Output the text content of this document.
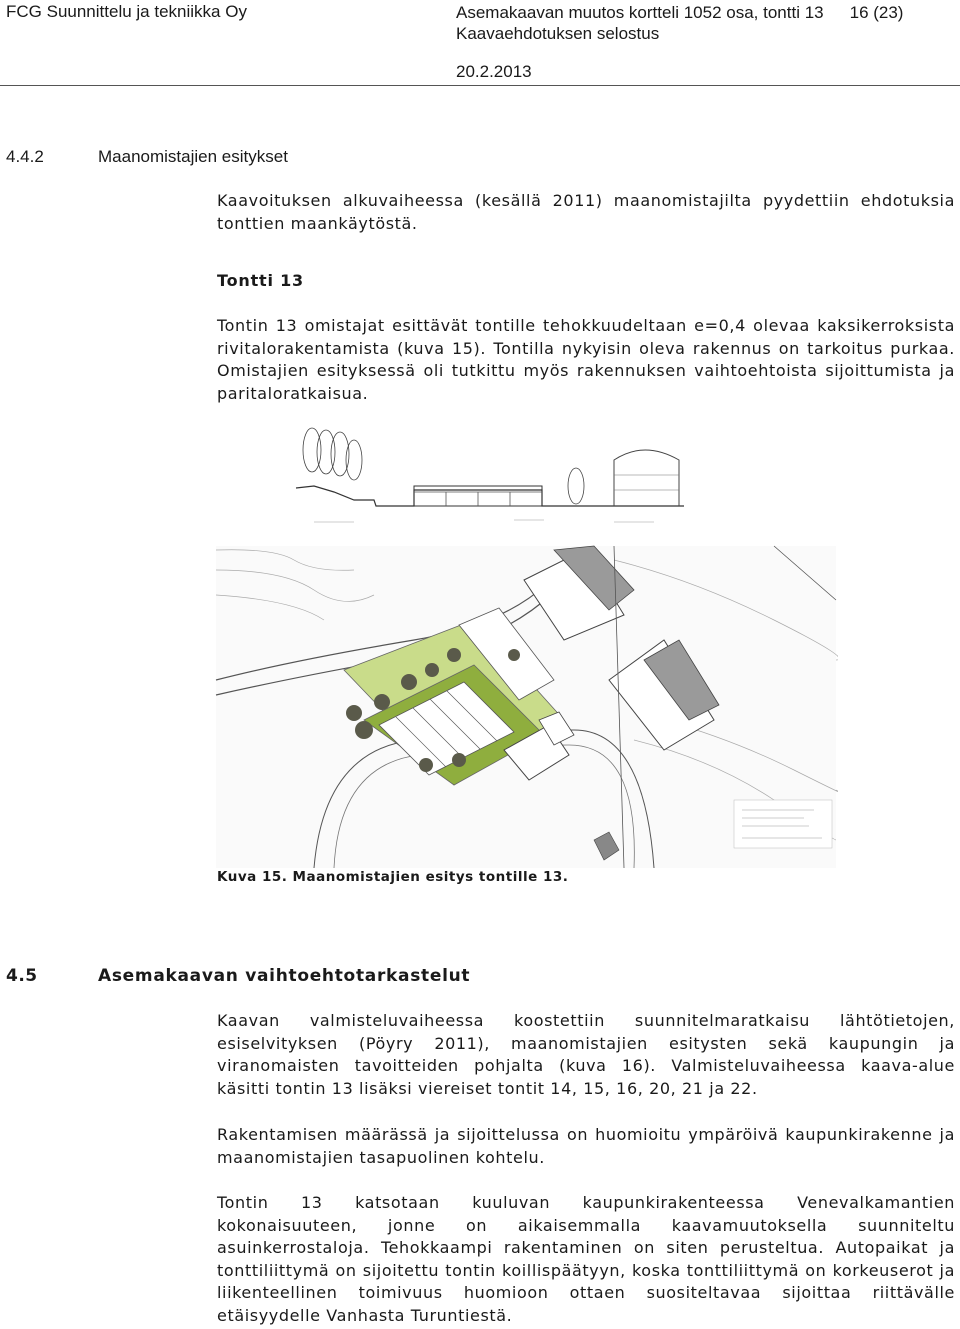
FCG Suunnittelu ja tekniikka Oy	Asemakaavan muutos kortteli 1052 osa, tontti 13 16 (23)
Kaavaehdotuksen selostus
20.2.2013
4.4.2	Maanomistajien esitykset
Kaavoituksen alkuvaiheessa (kesällä 2011) maanomistajilta pyydettiin ehdotuksia tonttien maankäytöstä.
Tontti 13
Tontin 13 omistajat esittävät tontille tehokkuudeltaan e=0,4 olevaa kaksikerroksista rivitalorakentamista (kuva 15). Tontilla nykyisin oleva rakennus on tarkoitus purkaa. Omistajien esityksessä oli tutkittu myös rakennuksen vaihtoehtoista sijoittumista ja paritaloratkaisua.
Kuva 15. Maanomistajien esitys tontille 13.
4.5	Asemakaavan vaihtoehtotarkastelut
Kaavan valmisteluvaiheessa koostettiin suunnitelmaratkaisu lähtötietojen, esiselvityksen (Pöyry 2011), maanomistajien esitysten sekä kaupungin ja viranomaisten tavoitteiden pohjalta (kuva 16). Valmisteluvaiheessa kaava-alue käsitti tontin 13 lisäksi viereiset tontit 14, 15, 16, 20, 21 ja 22.
Rakentamisen määrässä ja sijoittelussa on huomioitu ympäröivä kaupunkirakenne ja maanomistajien tasapuolinen kohtelu.
Tontin 13 katsotaan kuuluvan kaupunkirakenteessa Venevalkamantien kokonaisuuteen, jonne on aikaisemmalla kaavamuutoksella suunniteltu asuinkerrostaloja. Tehokkaampi rakentaminen on siten perusteltua. Autopaikat ja tonttiliittymä on sijoitettu tontin koillispäätyyn, koska tonttiliittymä on korkeuserot ja liikenteellinen toimivuus huomioon ottaen suositeltavaa sijoittaa riittävälle etäisyydelle Vanhasta Turuntiestä.
